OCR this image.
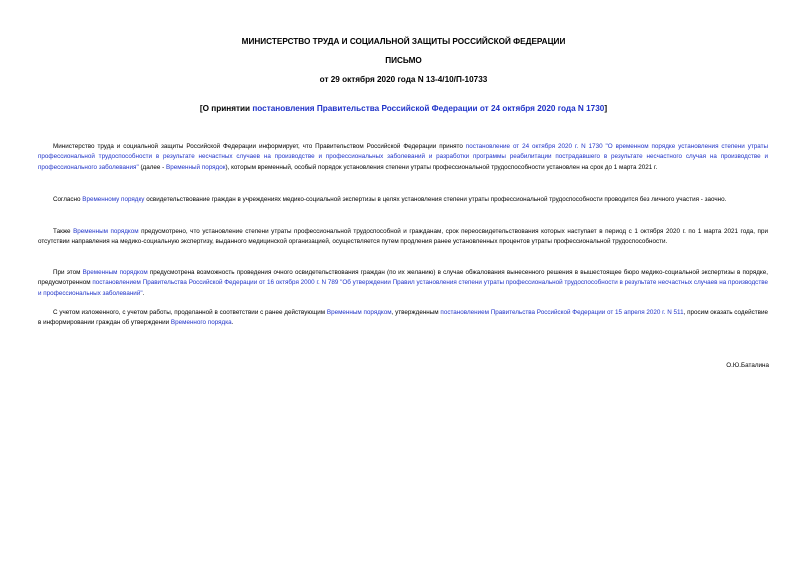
МИНИСТЕРСТВО ТРУДА И СОЦИАЛЬНОЙ ЗАЩИТЫ РОССИЙСКОЙ ФЕДЕРАЦИИ
ПИСЬМО
от 29 октября 2020 года N 13-4/10/П-10733
[О принятии постановления Правительства Российской Федерации от 24 октября 2020 года N 1730]

Министерство труда и социальной защиты Российской Федерации информирует, что Правительством Российской Федерации принято постановление от 24 октября 2020 г. N 1730 "О временном порядке установления степени утраты профессиональной трудоспособности в результате несчастных случаев на производстве и профессиональных заболеваний и разработки программы реабилитации пострадавшего в результате несчастного случая на производстве и профессионального заболевания" (далее - Временный порядок), которым временный, особый порядок установления степени утраты профессиональной трудоспособности установлен на срок до 1 марта 2021 г.

Согласно Временному порядку освидетельствование граждан в учреждениях медико-социальной экспертизы в целях установления степени утраты профессиональной трудоспособности проводится без личного участия - заочно.

Также Временным порядком предусмотрено, что установление степени утраты профессиональной трудоспособной и гражданам, срок переосвидетельствования которых наступает в период с 1 октября 2020 г. по 1 марта 2021 года, при отсутствии направления на медико-социальную экспертизу, выданного медицинской организацией, осуществляется путем продления ранее установленных процентов утраты профессиональной трудоспособности.

При этом Временным порядком предусмотрена возможность проведения очного освидетельствования граждан (по их желанию) в случае обжалования вынесенного решения в вышестоящее бюро медико-социальной экспертизы в порядке, предусмотренном постановлением Правительства Российской Федерации от 16 октября 2000 г. N 789 "Об утверждении Правил установления степени утраты профессиональной трудоспособности в результате несчастных случаев на производстве и профессиональных заболеваний".

С учетом изложенного, с учетом работы, проделанной в соответствии с ранее действующим Временным порядком, утвержденным постановлением Правительства Российской Федерации от 15 апреля 2020 г. N 511, просим оказать содействие в информировании граждан об утверждении Временного порядка.

О.Ю.Баталина
